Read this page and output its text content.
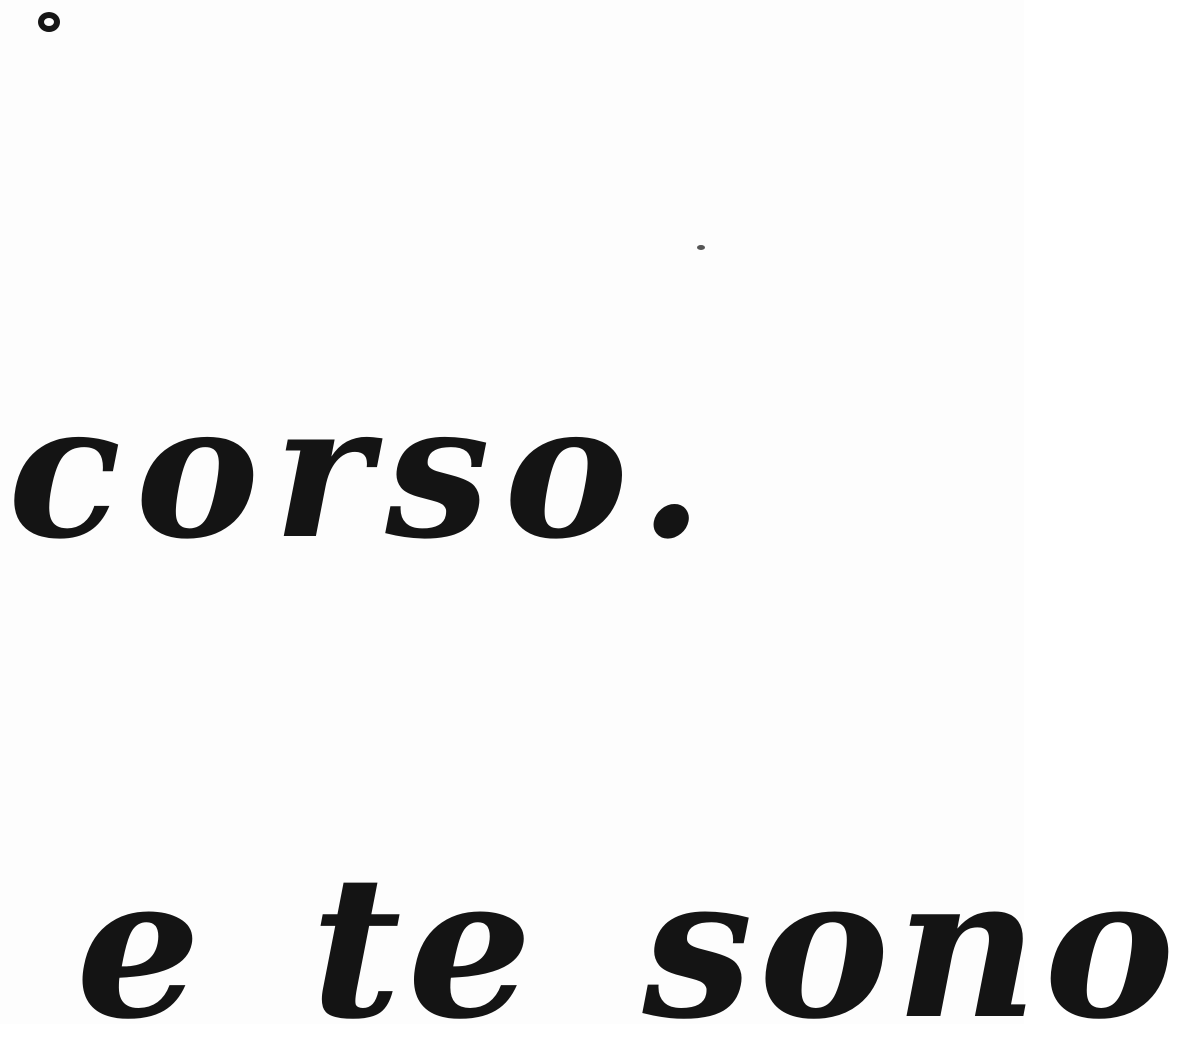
corso.

e te sono
